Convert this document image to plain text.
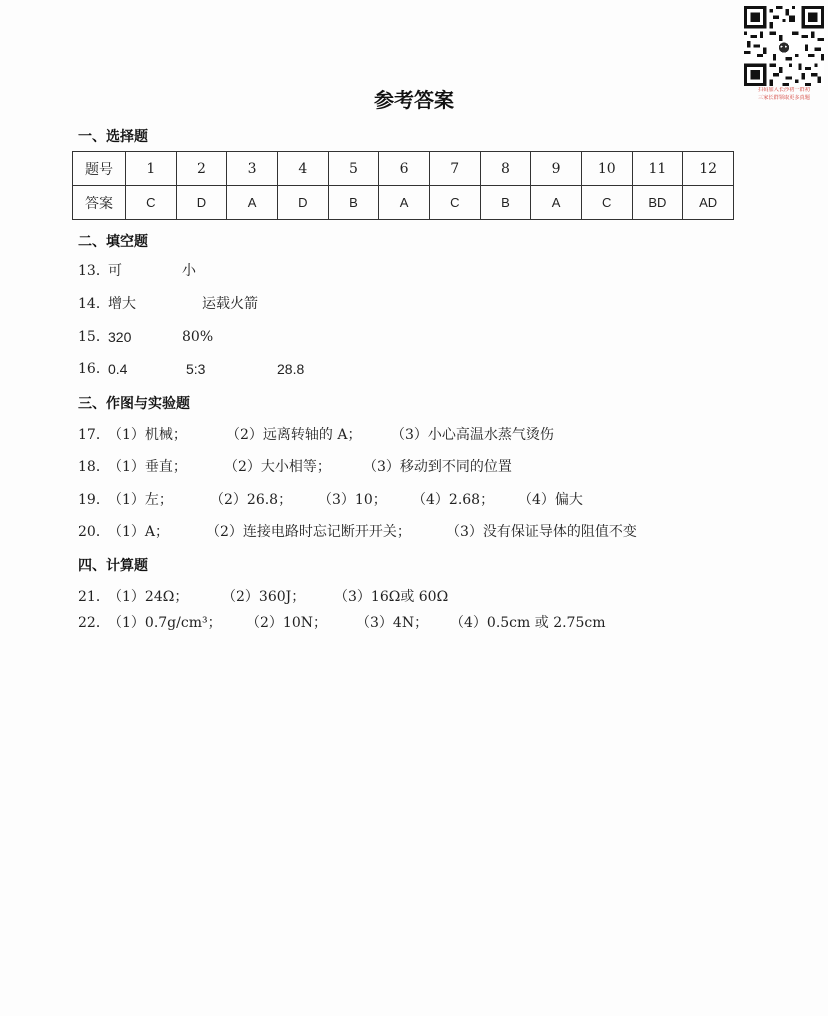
扫码加入长沙初一群初
三家长群领取更多真题
参考答案
一、选择题
题号	1	2	3	4	5	6	7	8	9	10	11	12
答案	C	D	A	D	B	A	C	B	A	C	BD	AD
二、填空题
13．
可	小
14．
增大	运载火箭
15．
320	80%
16．
0.4	5:3	28.8
三、作图与实验题
17．
（1）机械；	（2）远离转轴的 A； （3）小心高温水蒸气烫伤
18．
（1）垂直；	（2）大小相等； （3）移动到不同的位置
19．
（1）左；	（2）26.8； （3）10； （4）2.68； （4）偏大
20．
（1）A；	（2）连接电路时忘记断开开关；	（3）没有保证导体的阻值不变
四、计算题
21．
（1）24Ω； （2）360J； （3）16Ω或 60Ω
22．
（1）0.7g/cm³； （2）10N； （3）4N； （4）0.5cm 或 2.75cm
